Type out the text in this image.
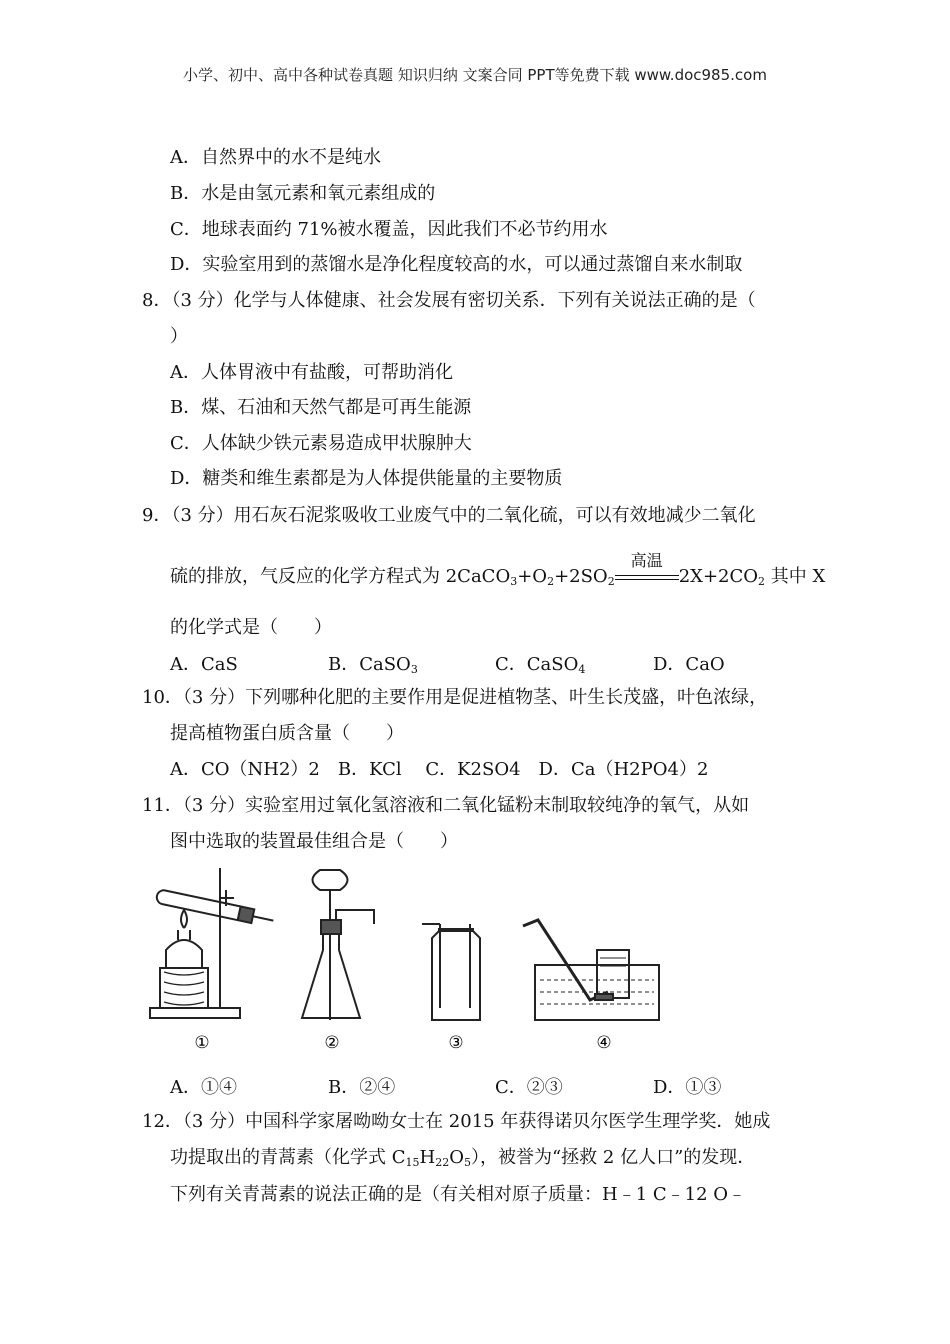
小学、初中、高中各种试卷真题 知识归纳 文案合同 PPT等免费下载 www.doc985.com
A．自然界中的水不是纯水
B．水是由氢元素和氧元素组成的
C．地球表面约 71%被水覆盖，因此我们不必节约用水
D．实验室用到的蒸馏水是净化程度较高的水，可以通过蒸馏自来水制取
8．（3 分）化学与人体健康、社会发展有密切关系．下列有关说法正确的是（
）
A．人体胃液中有盐酸，可帮助消化
B．煤、石油和天然气都是可再生能源
C．人体缺少铁元素易造成甲状腺肿大
D．糖类和维生素都是为人体提供能量的主要物质
9．（3 分）用石灰石泥浆吸收工业废气中的二氧化硫，可以有效地减少二氧化
硫的排放，气反应的化学方程式为 $2CaCO_3+O_2+2SO_2$
高温
$2X+2CO_2$ 其中 X
的化学式是（　　）
A．CaS	B．CaSO$_3$	C．CaSO$_4$	D．CaO
10．（3 分）下列哪种化肥的主要作用是促进植物茎、叶生长茂盛，叶色浓绿，
提高植物蛋白质含量（　　）
A．CO（NH2）2　B．KCl　 C．K2SO4　D．Ca（H2PO4）2
11．（3 分）实验室用过氧化氢溶液和二氧化锰粉末制取较纯净的氧气，从如
图中选取的装置最佳组合是（　　）
①	②	③	④
A．①④	B．②④	C．②③	D．①③
12．（3 分）中国科学家屠呦呦女士在 2015 年获得诺贝尔医学生理学奖．她成
功提取出的青蒿素（化学式 $C_{15}H_{22}O_5$），被誉为“拯救 2 亿人口”的发现．
下列有关青蒿素的说法正确的是（有关相对原子质量：H﹣1 C﹣12 O﹣
